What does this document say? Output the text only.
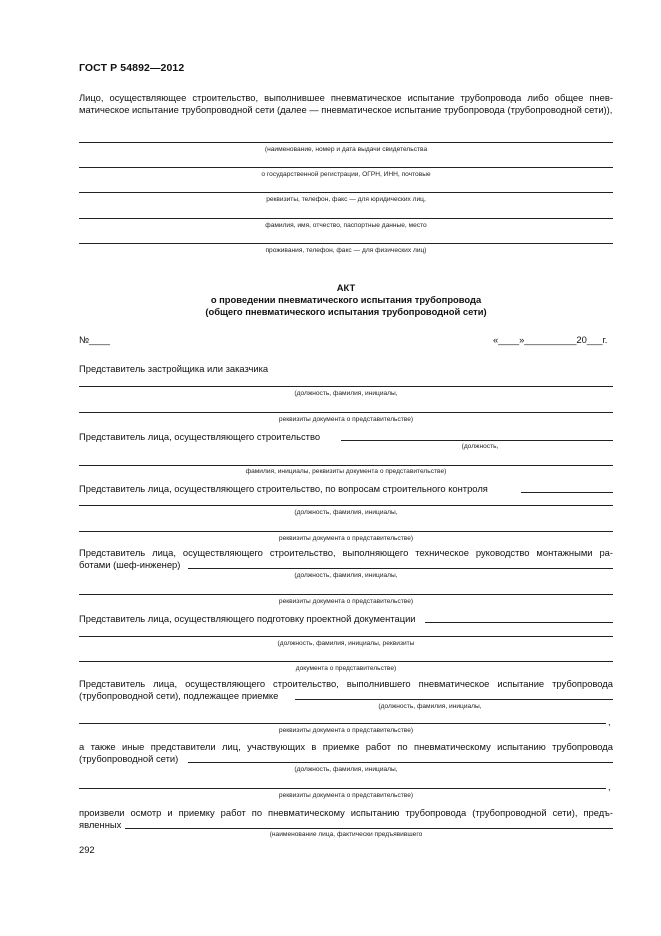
ГОСТ Р 54892—2012
Лицо, осуществляющее строительство, выполнившее пневматическое испытание трубопровода либо общее пнев-матическое испытание трубопроводной сети (далее — пневматическое испытание трубопровода (трубопроводной сети)),
(наименование, номер и дата выдачи свидетельства
о государственной регистрации, ОГРН, ИНН, почтовые
реквизиты, телефон, факс — для юридических лиц,
фамилия, имя, отчество, паспортные данные, место
проживания, телефон, факс — для физических лиц)
АКТ
о проведении пневматического испытания трубопровода
(общего пневматического испытания трубопроводной сети)
№____	«____»__________20___г.
Представитель застройщика или заказчика
(должность, фамилия, инициалы,
реквизиты документа о представительстве)
Представитель лица, осуществляющего строительство
(должность,
фамилия, инициалы, реквизиты документа о представительстве)
Представитель лица, осуществляющего строительство, по вопросам строительного контроля
(должность, фамилия, инициалы,
реквизиты документа о представительстве)
Представитель лица, осуществляющего строительство, выполняющего техническое руководство монтажными ра-
ботами (шеф-инженер)
(должность, фамилия, инициалы,
реквизиты документа о представительстве)
Представитель лица, осуществляющего подготовку проектной документации
(должность, фамилия, инициалы, реквизиты
документа о представительстве)
Представитель лица, осуществляющего строительство, выполнившего пневматическое испытание трубопровода
(трубопроводной сети), подлежащее приемке
(должность, фамилия, инициалы,
,
реквизиты документа о представительстве)
а также иные представители лиц, участвующих в приемке работ по пневматическому испытанию трубопровода
(трубопроводной сети)
(должность, фамилия, инициалы,
,
реквизиты документа о представительстве)
произвели осмотр и приемку работ по пневматическому испытанию трубопровода (трубопроводной сети), предъ-
явленных
(наименование лица, фактически предъявившего
292
